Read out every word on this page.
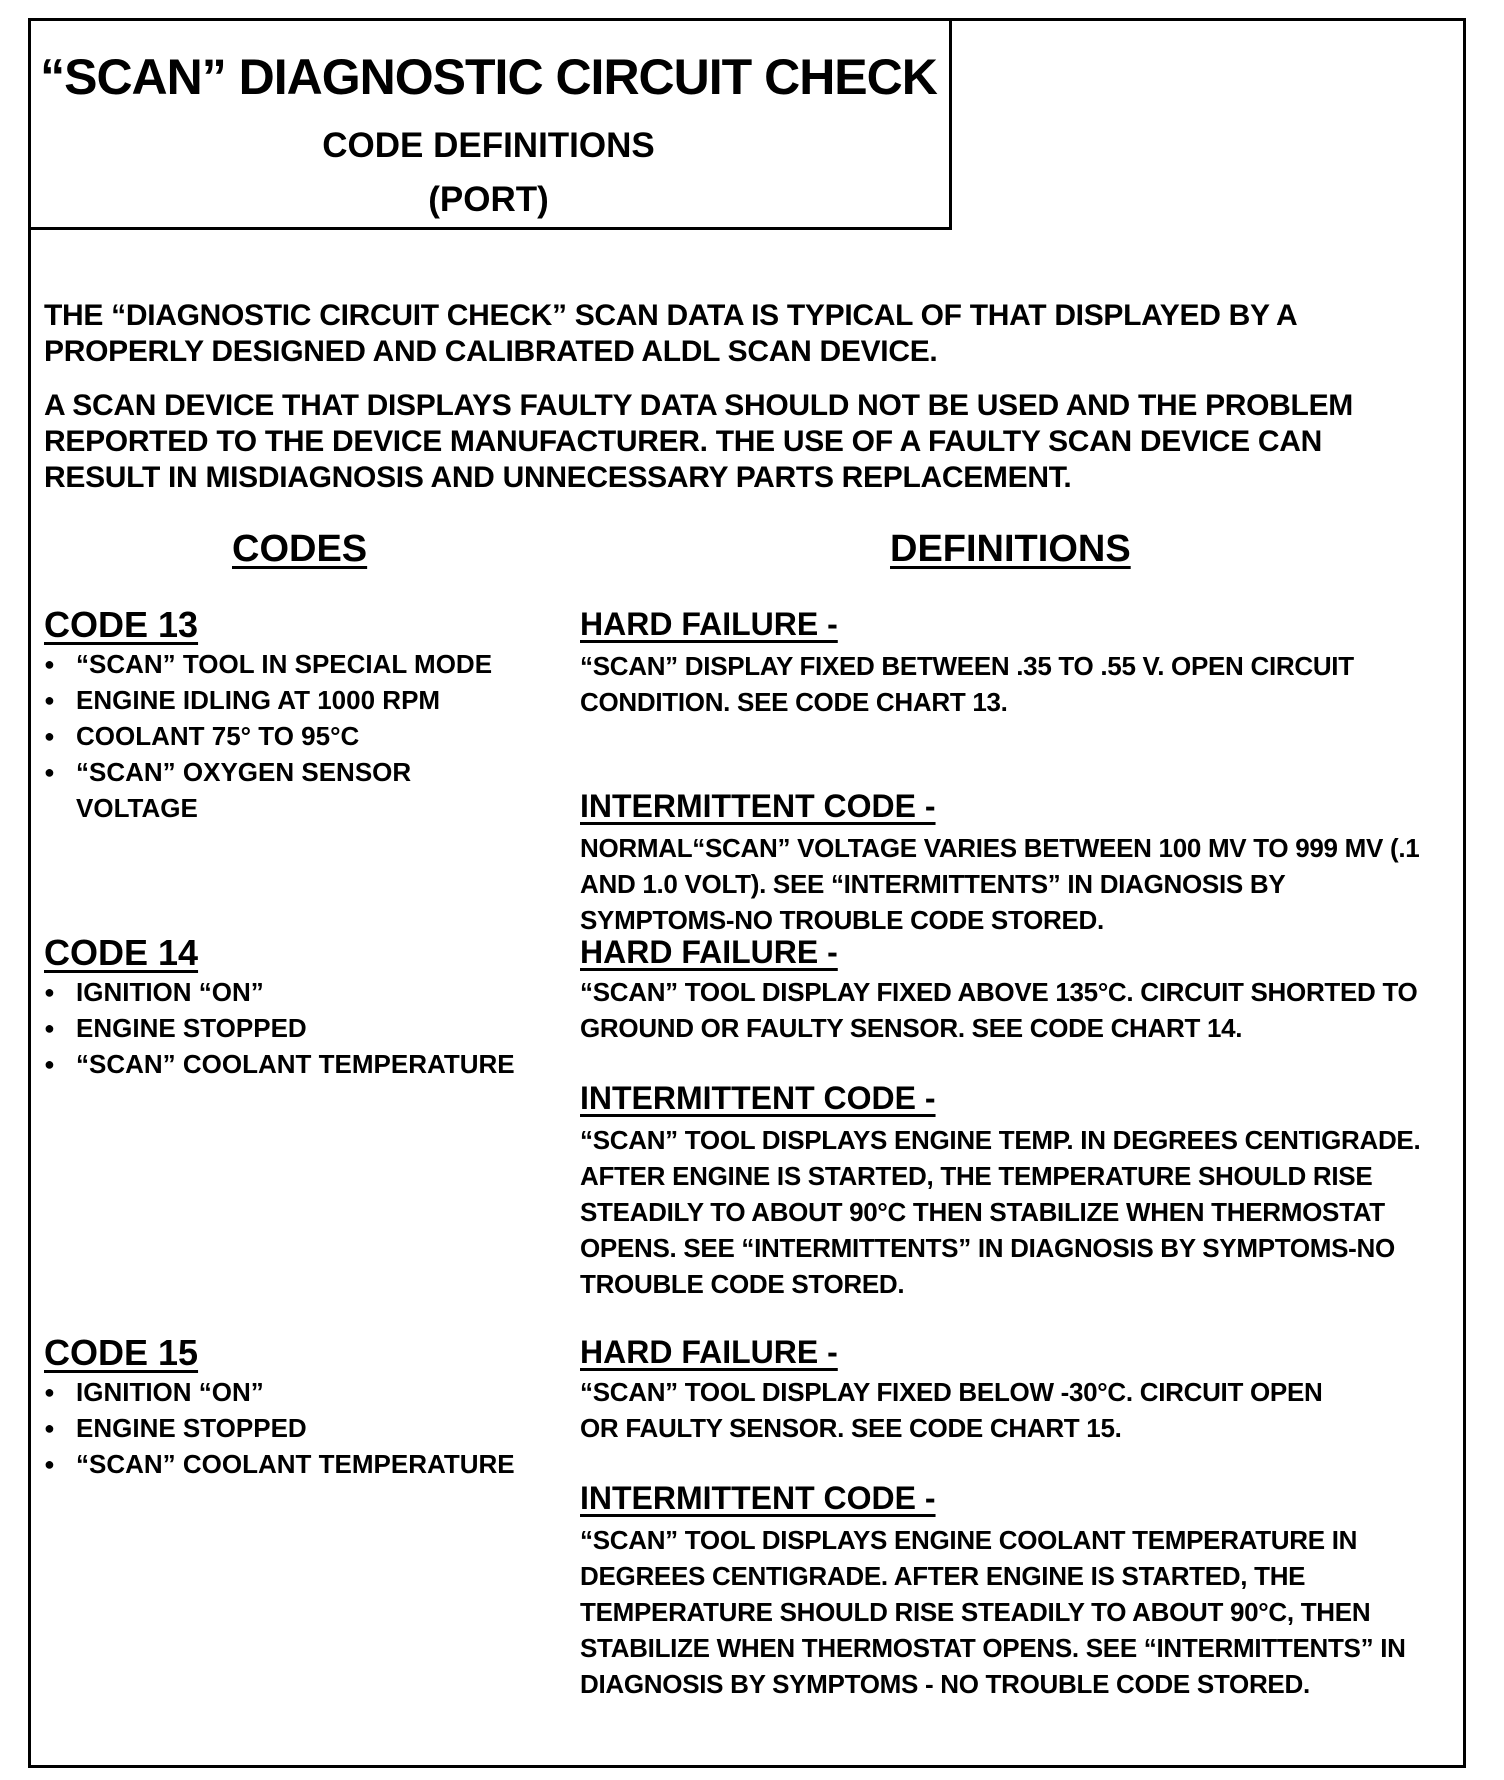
“SCAN” DIAGNOSTIC CIRCUIT CHECK
CODE DEFINITIONS
(PORT)
THE “DIAGNOSTIC CIRCUIT CHECK” SCAN DATA IS TYPICAL OF THAT DISPLAYED BY A PROPERLY DESIGNED AND CALIBRATED ALDL SCAN DEVICE.
A SCAN DEVICE THAT DISPLAYS FAULTY DATA SHOULD NOT BE USED AND THE PROBLEM REPORTED TO THE DEVICE MANUFACTURER. THE USE OF A FAULTY SCAN DEVICE CAN RESULT IN MISDIAGNOSIS AND UNNECESSARY PARTS REPLACEMENT.
CODES	DEFINITIONS
CODE 13
● “SCAN” TOOL IN SPECIAL MODE
● ENGINE IDLING AT 1000 RPM
● COOLANT 75° TO 95°C
● “SCAN” OXYGEN SENSOR VOLTAGE
HARD FAILURE -
“SCAN” DISPLAY FIXED BETWEEN .35 TO .55 V. OPEN CIRCUIT CONDITION. SEE CODE CHART 13.
INTERMITTENT CODE -
NORMAL“SCAN” VOLTAGE VARIES BETWEEN 100 MV TO 999 MV (.1 AND 1.0 VOLT). SEE “INTERMITTENTS” IN DIAGNOSIS BY SYMPTOMS-NO TROUBLE CODE STORED.
CODE 14
● IGNITION “ON”
● ENGINE STOPPED
● “SCAN” COOLANT TEMPERATURE
HARD FAILURE -
“SCAN” TOOL DISPLAY FIXED ABOVE 135°C. CIRCUIT SHORTED TO GROUND OR FAULTY SENSOR. SEE CODE CHART 14.
INTERMITTENT CODE -
“SCAN” TOOL DISPLAYS ENGINE TEMP. IN DEGREES CENTIGRADE. AFTER ENGINE IS STARTED, THE TEMPERATURE SHOULD RISE STEADILY TO ABOUT 90°C THEN STABILIZE WHEN THERMOSTAT OPENS. SEE “INTERMITTENTS” IN DIAGNOSIS BY SYMPTOMS-NO TROUBLE CODE STORED.
CODE 15
● IGNITION “ON”
● ENGINE STOPPED
● “SCAN” COOLANT TEMPERATURE
HARD FAILURE -
“SCAN” TOOL DISPLAY FIXED BELOW -30°C. CIRCUIT OPEN OR FAULTY SENSOR. SEE CODE CHART 15.
INTERMITTENT CODE -
“SCAN” TOOL DISPLAYS ENGINE COOLANT TEMPERATURE IN DEGREES CENTIGRADE. AFTER ENGINE IS STARTED, THE TEMPERATURE SHOULD RISE STEADILY TO ABOUT 90°C, THEN STABILIZE WHEN THERMOSTAT OPENS. SEE “INTERMITTENTS” IN DIAGNOSIS BY SYMPTOMS - NO TROUBLE CODE STORED.
